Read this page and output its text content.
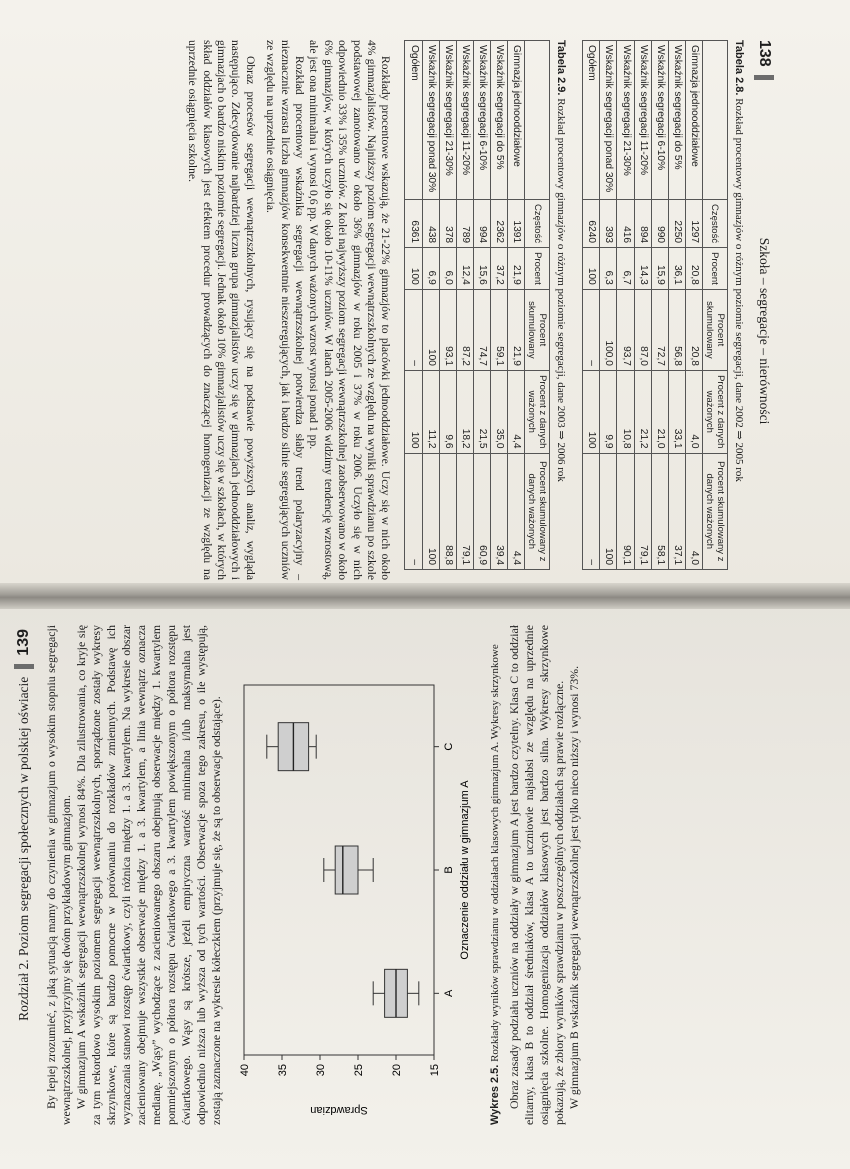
138
Szkoła – segregacje – nierówności
Tabela 2.8. Rozkład procentowy gimnazjów o różnym poziomie segregacji, dane 2002 ⇒ 2005 rok
	Częstość	Procent	Procent skumulowany	Procent z danych ważonych	Procent skumulowany z danych ważonych
Gimnazja jednooddziałowe	1297	20,8	20,8	4,0	4,0
Wskaźnik segregacji do 5%	2250	36,1	56,8	33,1	37,1
Wskaźnik segregacji 6-10%	990	15,9	72,7	21,0	58,1
Wskaźnik segregacji 11-20%	894	14,3	87,0	21,2	79,1
Wskaźnik segregacji 21-30%	416	6,7	93,7	10,8	90,1
Wskaźnik segregacji ponad 30%	393	6,3	100,0	9,9	100
Ogółem	6240	100	–	100	–
Tabela 2.9. Rozkład procentowy gimnazjów o różnym poziomie segregacji, dane 2003 ⇒ 2006 rok
	Częstość	Procent	Procent skumulowany	Procent z danych ważonych	Procent skumulowany z danych ważonych
Gimnazja jednooddziałowe	1391	21,9	21,9	4,4	4,4
Wskaźnik segregacji do 5%	2362	37,2	59,1	35,0	39,4
Wskaźnik segregacji 6-10%	994	15,6	74,7	21,5	60,9
Wskaźnik segregacji 11-20%	789	12,4	87,2	18,2	79,1
Wskaźnik segregacji 21-30%	378	6,0	93,1	9,6	88,8
Wskaźnik segregacji ponad 30%	438	6,9	100	11,2	100
Ogółem	6361	100	–	100	–

Rozkłady procentowe wskazują, że 21-22% gimnazjów to placówki jednooddziałowe. Uczy się w nich około 4% gimnazjalistów. Najniższy poziom segregacji wewnątrzszkolnych ze względu na wyniki sprawdzianu po szkole podstawowej zanotowano w około 36% gimnazjów w roku 2005 i 37% w roku 2006. Uczyło się w nich odpowiednio 33% i 35% uczniów. Z kolei najwyższy poziom segregacji wewnątrzszkolnej zaobserwowano w około 6% gimnazjów, w których uczyło się około 10-11% uczniów. W latach 2005-2006 widzimy tendencję wzrostową, ale jest ona minimalna i wynosi 0,6 pp. W danych ważonych wzrost wynosi ponad 1 pp.

Rozkład procentowy wskaźnika segregacji wewnątrzszkolnej potwierdza słaby trend polaryzacyjny – nieznacznie wzrasta liczba gimnazjów konsekwentnie nieszeregujących, jak i bardzo silnie segregujących uczniów ze względu na uprzednie osiągnięcia.

Obraz procesów segregacji wewnątrzszkolnych, rysujący się na podstawie powyższych analiz, wygląda następująco. Zdecydowanie najbardziej liczna grupa gimnazjalistów uczy się w gimnazjach jednooddziałowych i gimnazjach o bardzo niskim poziomie segregacji. Jednak około 10% gimnazjalistów uczy się w szkołach, w których skład oddziałów klasowych jest efektem procedur prowadzących do znaczącej homogenizacji ze względu na uprzednie osiągnięcia szkolne.

Rozdział 2. Poziom segregacji społecznych w polskiej oświacie
139 By lepiej zrozumieć, z jaką sytuacją mamy do czynienia w gimnazjum o wysokim stopniu segregacji wewnątrzszkolnej, przyjrzyjmy się dwóm przykładowym gimnazjom. W gimnazjum A wskaźnik segregacji wewnątrzszkolnej wynosi 84%. Dla zilustrowania, co kryje się za tym rekordowo wysokim poziomem segregacji wewnątrzszkolnych, sporządzone zostały wykresy skrzynkowe, które są bardzo pomocne w porównaniu do rozkładów zmiennych. Podstawę ich wyznaczania stanowi rozstęp ćwiartkowy, czyli różnica między 1. a 3. kwartylem. Na wykresie obszar zacieniowany obejmuje wszystkie obserwacje między 1. a 3. kwartylem, a linia wewnątrz oznacza medianę. „Wąsy” wychodzące z zacieniowanego obszaru obejmują obserwacje między 1. kwartylem pomniejszonym o półtora rozstępu ćwiartkowego a 3. kwartylem powiększonym o półtora rozstępu ćwiartkowego. Wąsy są krótsze, jeżeli empiryczna wartość minimalna i/lub maksymalna jest odpowiednio niższa lub wyższa od tych wartości. Obserwacje spoza tego zakresu, o ile występują, zostają zaznaczone na wykresie kółeczkiem (przyjmuje się, że są to obserwacje odstające).	15
20
25
30
35
40
Sprawdzian
A
B
C
Oznaczenie oddziału w gimnazjum A
Wykres 2.5. Rozkłady wyników sprawdzianu w oddziałach klasowych gimnazjum A. Wykresy skrzynkowe Obraz zasady podziału uczniów na oddziały w gimnazjum A jest bardzo czytelny. Klasa C to oddział elitarny, klasa B to oddział średniaków, klasa A to uczniowie najsłabsi ze względu na uprzednie osiągnięcia szkolne. Homogenizacja oddziałów klasowych jest bardzo silna. Wykresy skrzynkowe pokazują, że zbiory wyników sprawdzianu w poszczególnych oddziałach są prawie rozłączne. W gimnazjum B wskaźnik segregacji wewnątrzszkolnej jest tylko nieco niższy i wynosi 73%.
